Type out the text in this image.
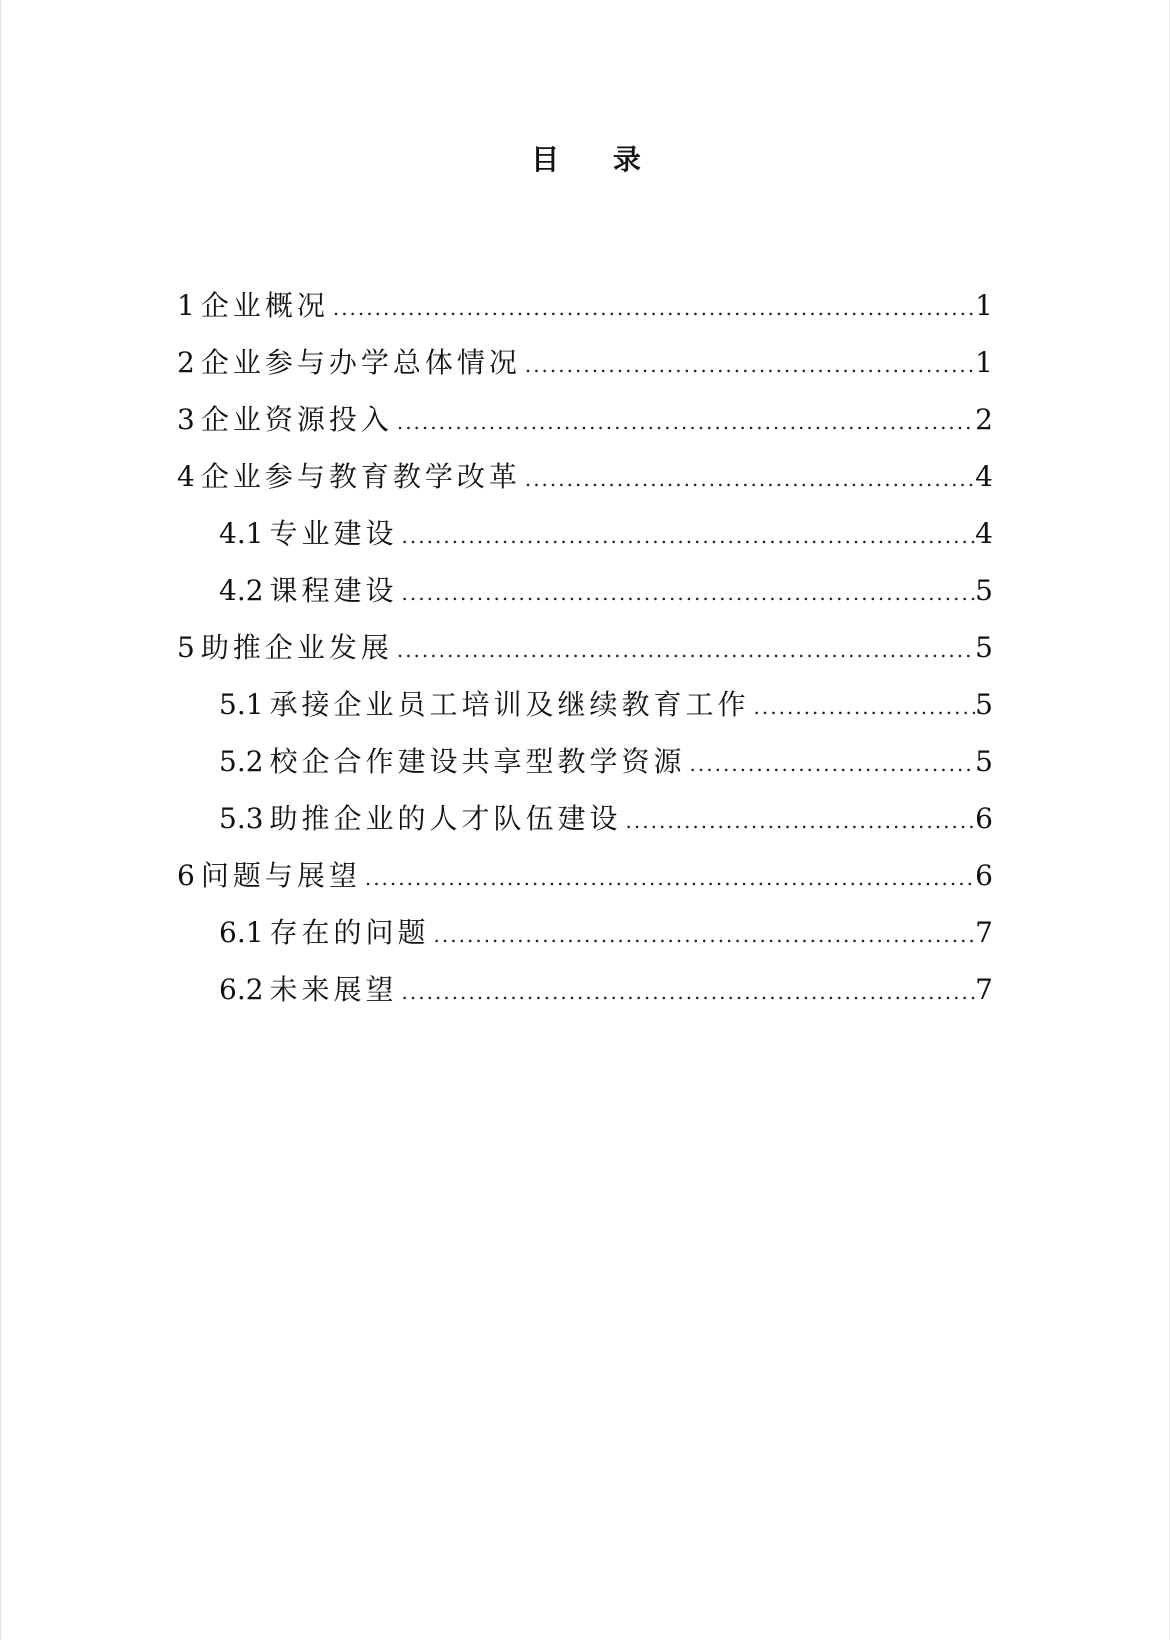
目 录
1 企业概况 .....	1
2 企业参与办学总体情况 .....	1
3 企业资源投入 .....	2
4 企业参与教育教学改革 .....	4
4.1 专业建设 .....	4
4.2 课程建设 .....	5
5 助推企业发展 .....	5
5.1 承接企业员工培训及继续教育工作 .....	5
5.2 校企合作建设共享型教学资源 .....	5
5.3 助推企业的人才队伍建设 .....	6
6 问题与展望 .....	6
6.1 存在的问题 .....	7
6.2 未来展望 .....	7
